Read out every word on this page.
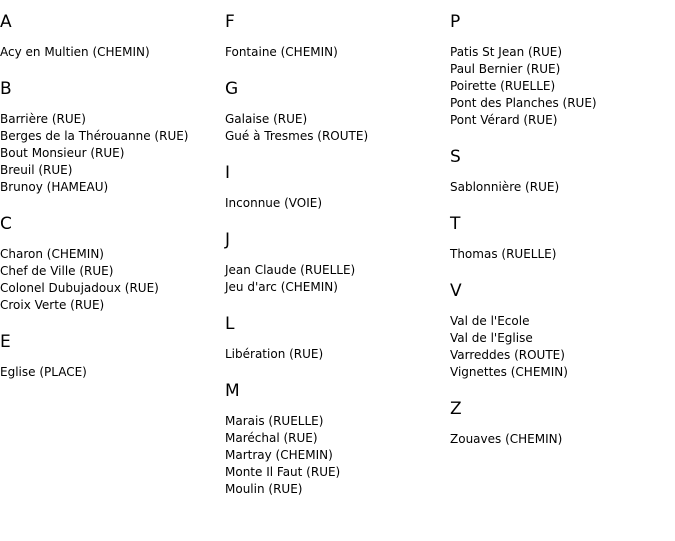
A
Acy en Multien (CHEMIN)
B
Barrière (RUE)
Berges de la Thérouanne (RUE)
Bout Monsieur (RUE)
Breuil (RUE)
Brunoy (HAMEAU)
C
Charon (CHEMIN)
Chef de Ville (RUE)
Colonel Dubujadoux (RUE)
Croix Verte (RUE)
E
Eglise (PLACE)
F
Fontaine (CHEMIN)
G
Galaise (RUE)
Gué à Tresmes (ROUTE)
I
Inconnue (VOIE)
J
Jean Claude (RUELLE)
Jeu d'arc (CHEMIN)
L
Libération (RUE)
M
Marais (RUELLE)
Maréchal (RUE)
Martray (CHEMIN)
Monte Il Faut (RUE)
Moulin (RUE)
P
Patis St Jean (RUE)
Paul Bernier (RUE)
Poirette (RUELLE)
Pont des Planches (RUE)
Pont Vérard (RUE)
S
Sablonnière (RUE)
T
Thomas (RUELLE)
V
Val de l'Ecole
Val de l'Eglise
Varreddes (ROUTE)
Vignettes (CHEMIN)
Z
Zouaves (CHEMIN)
